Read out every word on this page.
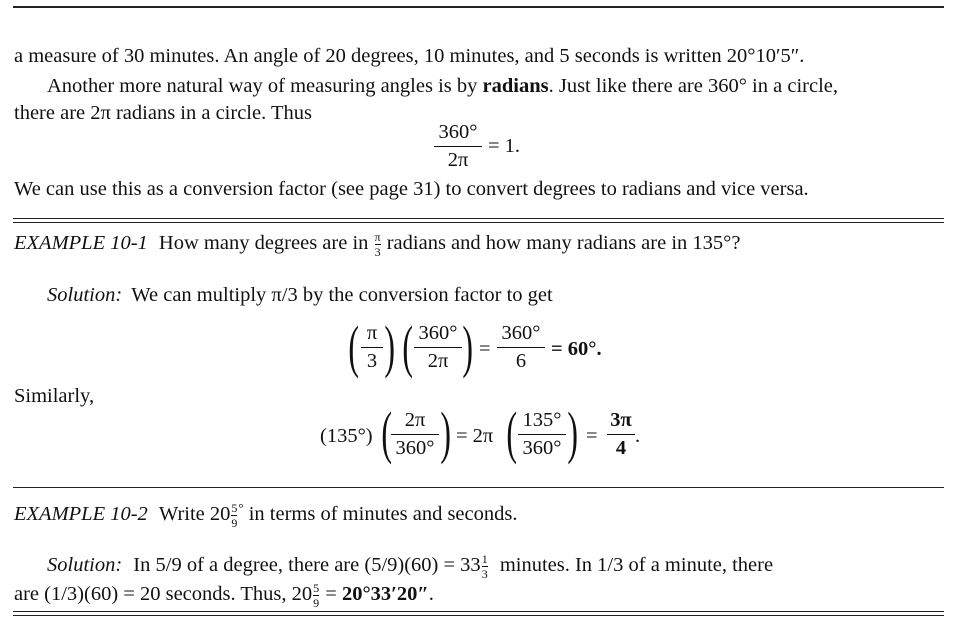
a measure of 30 minutes. An angle of 20 degrees, 10 minutes, and 5 seconds is written 20°10′5″.
Another more natural way of measuring angles is by radians. Just like there are 360° in a circle,
there are 2π radians in a circle. Thus
360°
2π
= 1.
We can use this as a conversion factor (see page 31) to convert degrees to radians and vice versa.
EXAMPLE 10-1 How many degrees are in $\frac{\pi}{3}$ radians and how many radians are in 135°?
Solution: We can multiply π/3 by the conversion factor to get
( π
3 ) ( 360°
2π ) =
360°
6
= 60°.
Similarly,
(135°) ( 2π
360° ) = 2π ( 135°
360° ) =
3π
4
.
EXAMPLE 10-2 Write $20\frac{5}{9}^\circ$ in terms of minutes and seconds.
Solution: In 5/9 of a degree, there are $(5/9)(60) = 33\frac{1}{3}$ minutes. In 1/3 of a minute, there
are (1/3)(60) = 20 seconds. Thus, $20\frac{5}{9} = 20^\circ 33'20''$.
